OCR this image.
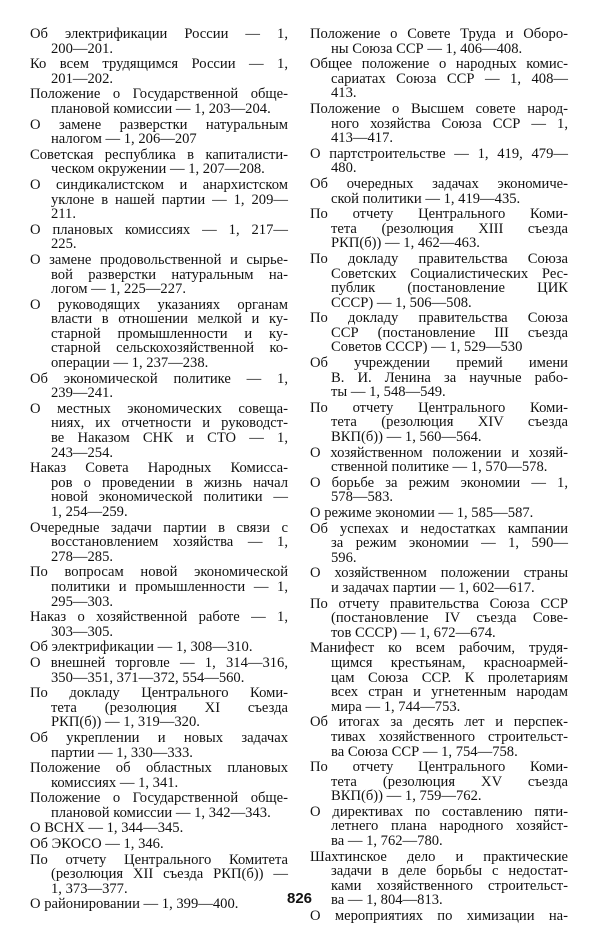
Об электрификации России — 1,
200—201.
Ко всем трудящимся России — 1,
201—202.
Положение о Государственной обще-
плановой комиссии — 1, 203—204.
О замене разверстки натуральным
налогом — 1, 206—207
Советская республика в капиталисти-
ческом окружении — 1, 207—208.
О синдикалистском и анархистском
уклоне в нашей партии — 1, 209—
211.
О плановых комиссиях — 1, 217—
225.
О замене продовольственной и сырье-
вой разверстки натуральным на-
логом — 1, 225—227.
О руководящих указаниях органам
власти в отношении мелкой и ку-
старной промышленности и ку-
старной сельскохозяйственной ко-
операции — 1, 237—238.
Об экономической политике — 1,
239—241.
О местных экономических совеща-
ниях, их отчетности и руководст-
ве Наказом СНК и СТО — 1,
243—254.
Наказ Совета Народных Комисса-
ров о проведении в жизнь начал
новой экономической политики —
1, 254—259.
Очередные задачи партии в связи с
восстановлением хозяйства — 1,
278—285.
По вопросам новой экономической
политики и промышленности — 1,
295—303.
Наказ о хозяйственной работе — 1,
303—305.
Об электрификации — 1, 308—310.
О внешней торговле — 1, 314—316,
350—351, 371—372, 554—560.
По докладу Центрального Коми-
тета (резолюция XI съезда
РКП(б)) — 1, 319—320.
Об укреплении и новых задачах
партии — 1, 330—333.
Положение об областных плановых
комиссиях — 1, 341.
Положение о Государственной обще-
плановой комиссии — 1, 342—343.
О ВСНХ — 1, 344—345.
Об ЭКОСО — 1, 346.
По отчету Центрального Комитета
(резолюция XII съезда РКП(б)) —
1, 373—377.
О районировании — 1, 399—400.
Положение о Совете Труда и Оборо-
ны Союза ССР — 1, 406—408.
Общее положение о народных комис-
сариатах Союза ССР — 1, 408—
413.
Положение о Высшем совете народ-
ного хозяйства Союза ССР — 1,
413—417.
О партстроительстве — 1, 419, 479—
480.
Об очередных задачах экономиче-
ской политики — 1, 419—435.
По отчету Центрального Коми-
тета (резолюция XIII съезда
РКП(б)) — 1, 462—463.
По докладу правительства Союза
Советских Социалистических Рес-
публик (постановление ЦИК
СССР) — 1, 506—508.
По докладу правительства Союза
ССР (постановление III съезда
Советов СССР) — 1, 529—530
Об учреждении премий имени
В. И. Ленина за научные рабо-
ты — 1, 548—549.
По отчету Центрального Коми-
тета (резолюция XIV съезда
ВКП(б)) — 1, 560—564.
О хозяйственном положении и хозяй-
ственной политике — 1, 570—578.
О борьбе за режим экономии — 1,
578—583.
О режиме экономии — 1, 585—587.
Об успехах и недостатках кампании
за режим экономии — 1, 590—
596.
О хозяйственном положении страны
и задачах партии — 1, 602—617.
По отчету правительства Союза ССР
(постановление IV съезда Сове-
тов СССР) — 1, 672—674.
Манифест ко всем рабочим, трудя-
щимся крестьянам, красноармей-
цам Союза ССР. К пролетариям
всех стран и угнетенным народам
мира — 1, 744—753.
Об итогах за десять лет и перспек-
тивах хозяйственного строительст-
ва Союза ССР — 1, 754—758.
По отчету Центрального Коми-
тета (резолюция XV съезда
ВКП(б)) — 1, 759—762.
О директивах по составлению пяти-
летнего плана народного хозяйст-
ва — 1, 762—780.
Шахтинское дело и практические
задачи в деле борьбы с недостат-
ками хозяйственного строительст-
ва — 1, 804—813.
О мероприятиях по химизации на-
826
